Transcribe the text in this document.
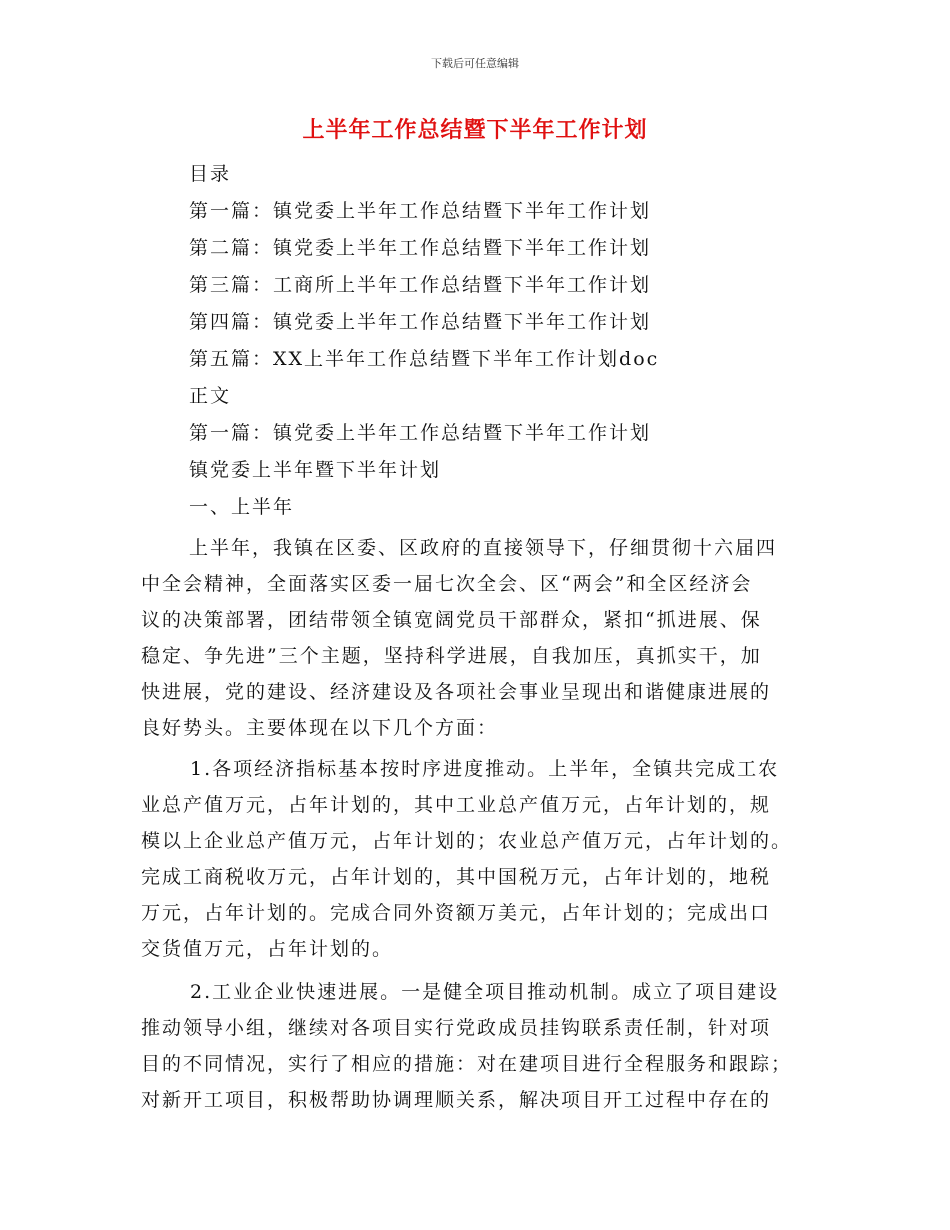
下载后可任意编辑
上半年工作总结暨下半年工作计划
目录
第一篇：镇党委上半年工作总结暨下半年工作计划
第二篇：镇党委上半年工作总结暨下半年工作计划
第三篇：工商所上半年工作总结暨下半年工作计划
第四篇：镇党委上半年工作总结暨下半年工作计划
第五篇：XX上半年工作总结暨下半年工作计划doc
正文
第一篇：镇党委上半年工作总结暨下半年工作计划
镇党委上半年暨下半年计划
一、上半年
上半年，我镇在区委、区政府的直接领导下，仔细贯彻十六届四
中全会精神，全面落实区委一届七次全会、区“两会”和全区经济会
议的决策部署，团结带领全镇宽阔党员干部群众，紧扣“抓进展、保
稳定、争先进”三个主题，坚持科学进展，自我加压，真抓实干，加
快进展，党的建设、经济建设及各项社会事业呈现出和谐健康进展的
良好势头。主要体现在以下几个方面：
1.各项经济指标基本按时序进度推动。上半年，全镇共完成工农
业总产值万元，占年计划的，其中工业总产值万元，占年计划的，规
模以上企业总产值万元，占年计划的；农业总产值万元，占年计划的。
完成工商税收万元，占年计划的，其中国税万元，占年计划的，地税
万元，占年计划的。完成合同外资额万美元，占年计划的；完成出口
交货值万元，占年计划的。
2.工业企业快速进展。一是健全项目推动机制。成立了项目建设
推动领导小组，继续对各项目实行党政成员挂钩联系责任制，针对项
目的不同情况，实行了相应的措施：对在建项目进行全程服务和跟踪；
对新开工项目，积极帮助协调理顺关系，解决项目开工过程中存在的
